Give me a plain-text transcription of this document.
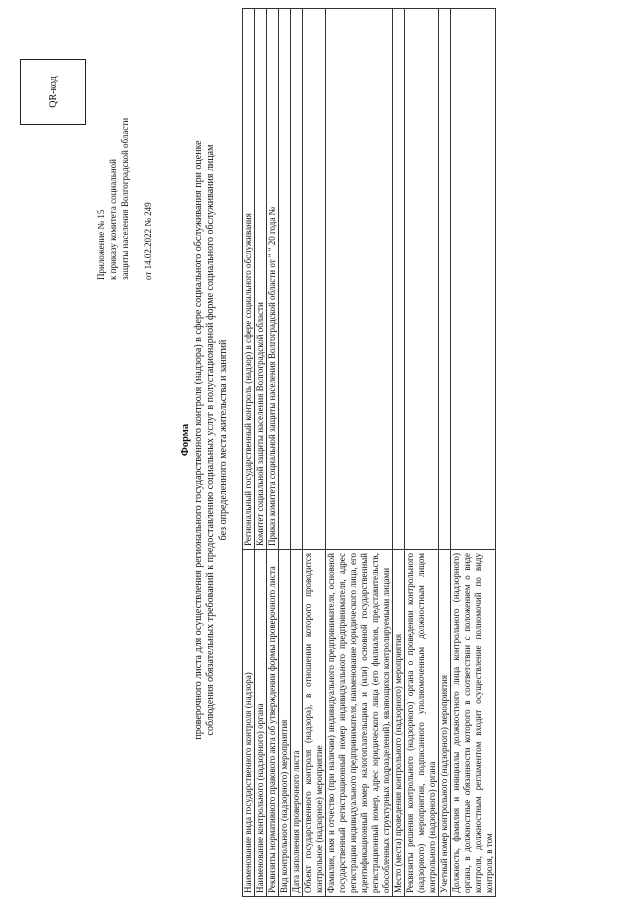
Приложение № 15 к приказу комитета социальной защиты населения Волгоградской области от 14.02.2022 № 249
QR-код
Форма проверочного листа для осуществления регионального государственного контроля (надзора) в сфере социального обслуживания при оценке соблюдения обязательных требований к предоставлению социальных услуг в полустационарной форме социального обслуживания лицам без определенного места жительства и занятий
Наименование вида государственного контроля (надзора)	Региональный государственный контроль (надзор) в сфере социального обслуживания
Наименование контрольного (надзорного) органа	Комитет социальной защиты населения Волгоградской области
Реквизиты нормативного правового акта об утверждении формы проверочного листа	Приказ комитета социальной защиты населения Волгоградской области от " " 20 года №
Вид контрольного (надзорного) мероприятия	
Дата заполнения проверочного листа	
Объект государственного контроля (надзора), в отношении которого проводится контрольное (надзорное) мероприятие	
Фамилия, имя и отчество (при наличии) индивидуального предпринимателя, основной государственный регистрационный номер индивидуального предпринимателя, адрес регистрации индивидуального предпринимателя, наименование юридического лица, его идентификационный номер налогоплательщика и (или) основной государственный регистрационный номер, адрес юридического лица (его филиалов, представительств, обособленных структурных подразделений), являющихся контролируемыми лицами	
Место (места) проведения контрольного (надзорного) мероприятия	
Реквизиты решения контрольного (надзорного) органа о проведении контрольного (надзорного) мероприятия, подписанного уполномоченным должностным лицом контрольного (надзорного) органа	
Учетный номер контрольного (надзорного) мероприятия	
Должность, фамилия и инициалы должностного лица контрольного (надзорного) органа, в должностные обязанности которого в соответствии с положением о виде контроля, должностным регламентом входит осуществление полномочий по виду контроля, в том	
